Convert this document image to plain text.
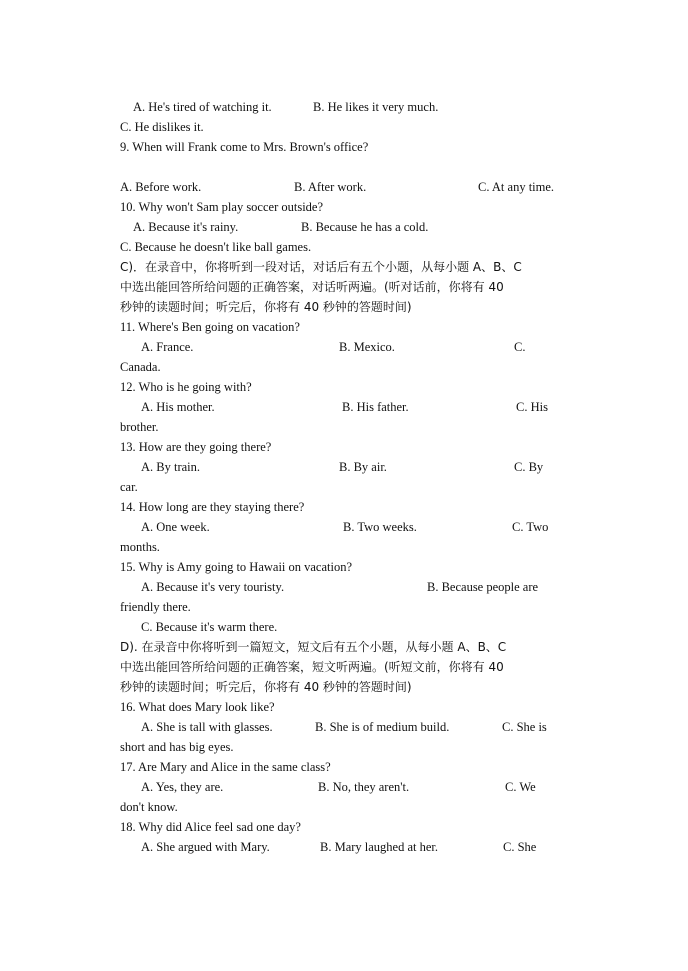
A. He's tired of watching it.	B. He likes it very much.
C. He dislikes it.
9. When will Frank come to Mrs. Brown's office?
A. Before work.	B. After work.	C. At any time.
10. Why won't Sam play soccer outside?
A. Because it's rainy.	B. Because he has a cold.
C. Because he doesn't like ball games.
C)．在录音中，你将听到一段对话，对话后有五个小题，从每小题 A、B、C
中选出能回答所给问题的正确答案，对话听两遍。(听对话前，你将有 40
秒钟的读题时间；听完后，你将有 40 秒钟的答题时间)
11. Where's Ben going on vacation?
A. France.	B. Mexico.	C.
Canada.
12. Who is he going with?
A. His mother.	B. His father.	C. His
brother.
13. How are they going there?
A. By train.	B. By air.	C. By
car.
14. How long are they staying there?
A. One week.	B. Two weeks.	C. Two
months.
15. Why is Amy going to Hawaii on vacation?
A. Because it's very touristy.	B. Because people are
friendly there.
C. Because it's warm there.
D). 在录音中你将听到一篇短文，短文后有五个小题，从每小题 A、B、C
中选出能回答所给问题的正确答案，短文听两遍。(听短文前，你将有 40
秒钟的读题时间；听完后，你将有 40 秒钟的答题时间)
16. What does Mary look like?
A. She is tall with glasses.	B. She is of medium build.	C. She is
short and has big eyes.
17. Are Mary and Alice in the same class?
A. Yes, they are.	B. No, they aren't.	C. We
don't know.
18. Why did Alice feel sad one day?
A. She argued with Mary.	B. Mary laughed at her.	C. She
